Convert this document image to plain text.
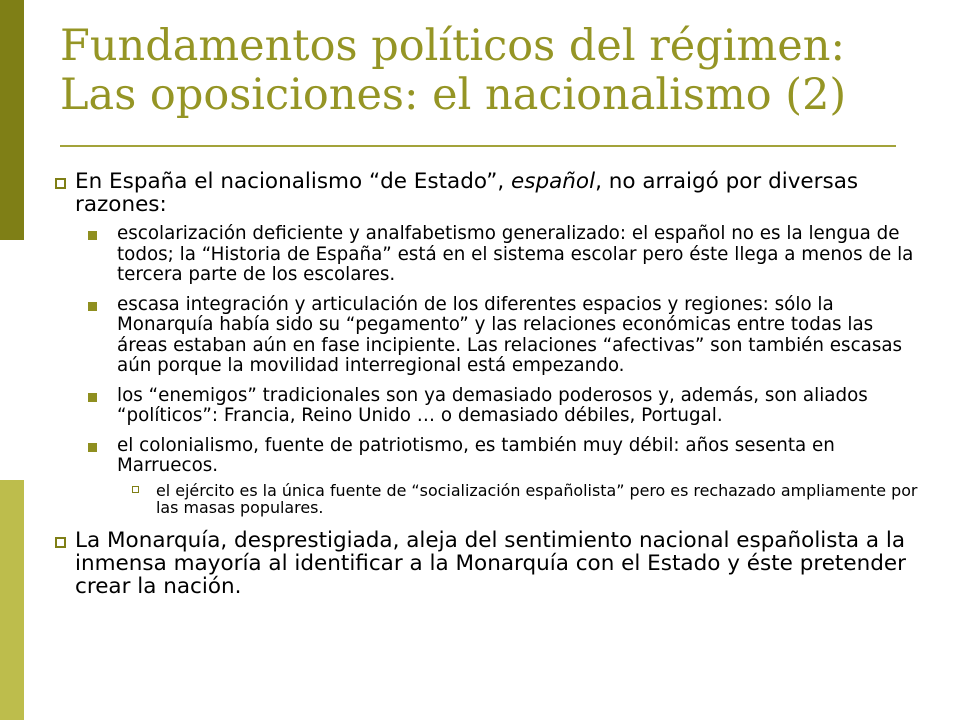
Fundamentos políticos del régimen:
Las oposiciones: el nacionalismo (2)
En España el nacionalismo “de Estado”, español, no arraigó por diversas razones:
escolarización deficiente y analfabetismo generalizado: el español no es la lengua de todos; la “Historia de España” está en el sistema escolar pero éste llega a menos de la tercera parte de los escolares.
escasa integración y articulación de los diferentes espacios y regiones: sólo la Monarquía había sido su “pegamento” y las relaciones económicas entre todas las áreas estaban aún en fase incipiente. Las relaciones “afectivas” son también escasas aún porque la movilidad interregional está empezando.
los “enemigos” tradicionales son ya demasiado poderosos y, además, son aliados “políticos”: Francia, Reino Unido … o demasiado débiles, Portugal.
el colonialismo, fuente de patriotismo, es también muy débil: años sesenta en Marruecos.
el ejército es la única fuente de “socialización españolista” pero es rechazado ampliamente por las masas populares.
La Monarquía, desprestigiada, aleja del sentimiento nacional españolista a la inmensa mayoría al identificar a la Monarquía con el Estado y éste pretender crear la nación.
